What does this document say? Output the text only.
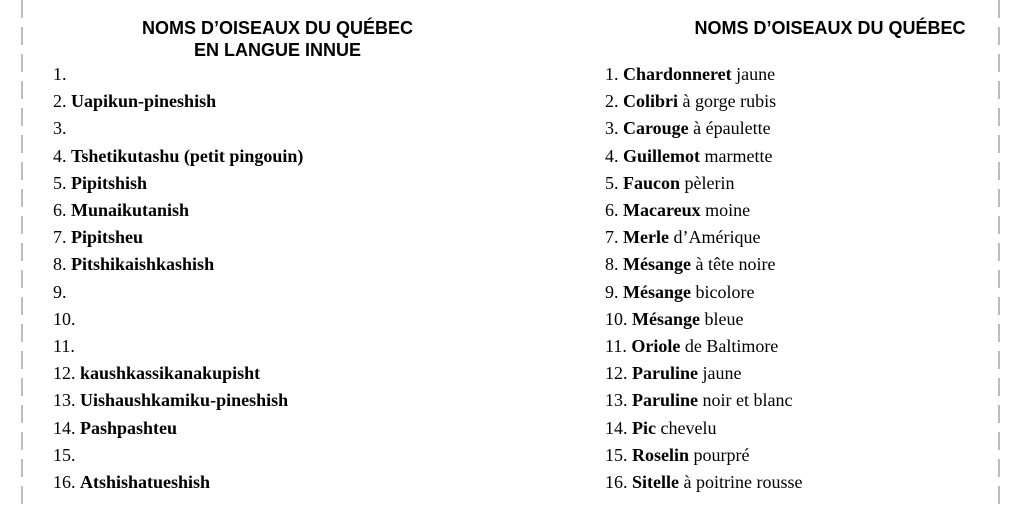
NOMS D’OISEAUX DU QUÉBEC
EN LANGUE INNUE
NOMS D’OISEAUX DU QUÉBEC
1.
2. Uapikun-pineshish
3.
4. Tshetikutashu (petit pingouin)
5. Pipitshish
6. Munaikutanish
7. Pipitsheu
8. Pitshikaishkashish
9.
10.
11.
12. kaushkassikanakupisht
13. Uishaushkamiku-pineshish
14. Pashpashteu
15.
16. Atshishatueshish
1. Chardonneret jaune
2. Colibri à gorge rubis
3. Carouge à épaulette
4. Guillemot marmette
5. Faucon pèlerin
6. Macareux moine
7. Merle d’Amérique
8. Mésange à tête noire
9. Mésange bicolore
10. Mésange bleue
11. Oriole de Baltimore
12. Paruline jaune
13. Paruline noir et blanc
14. Pic chevelu
15. Roselin pourpré
16. Sitelle à poitrine rousse
